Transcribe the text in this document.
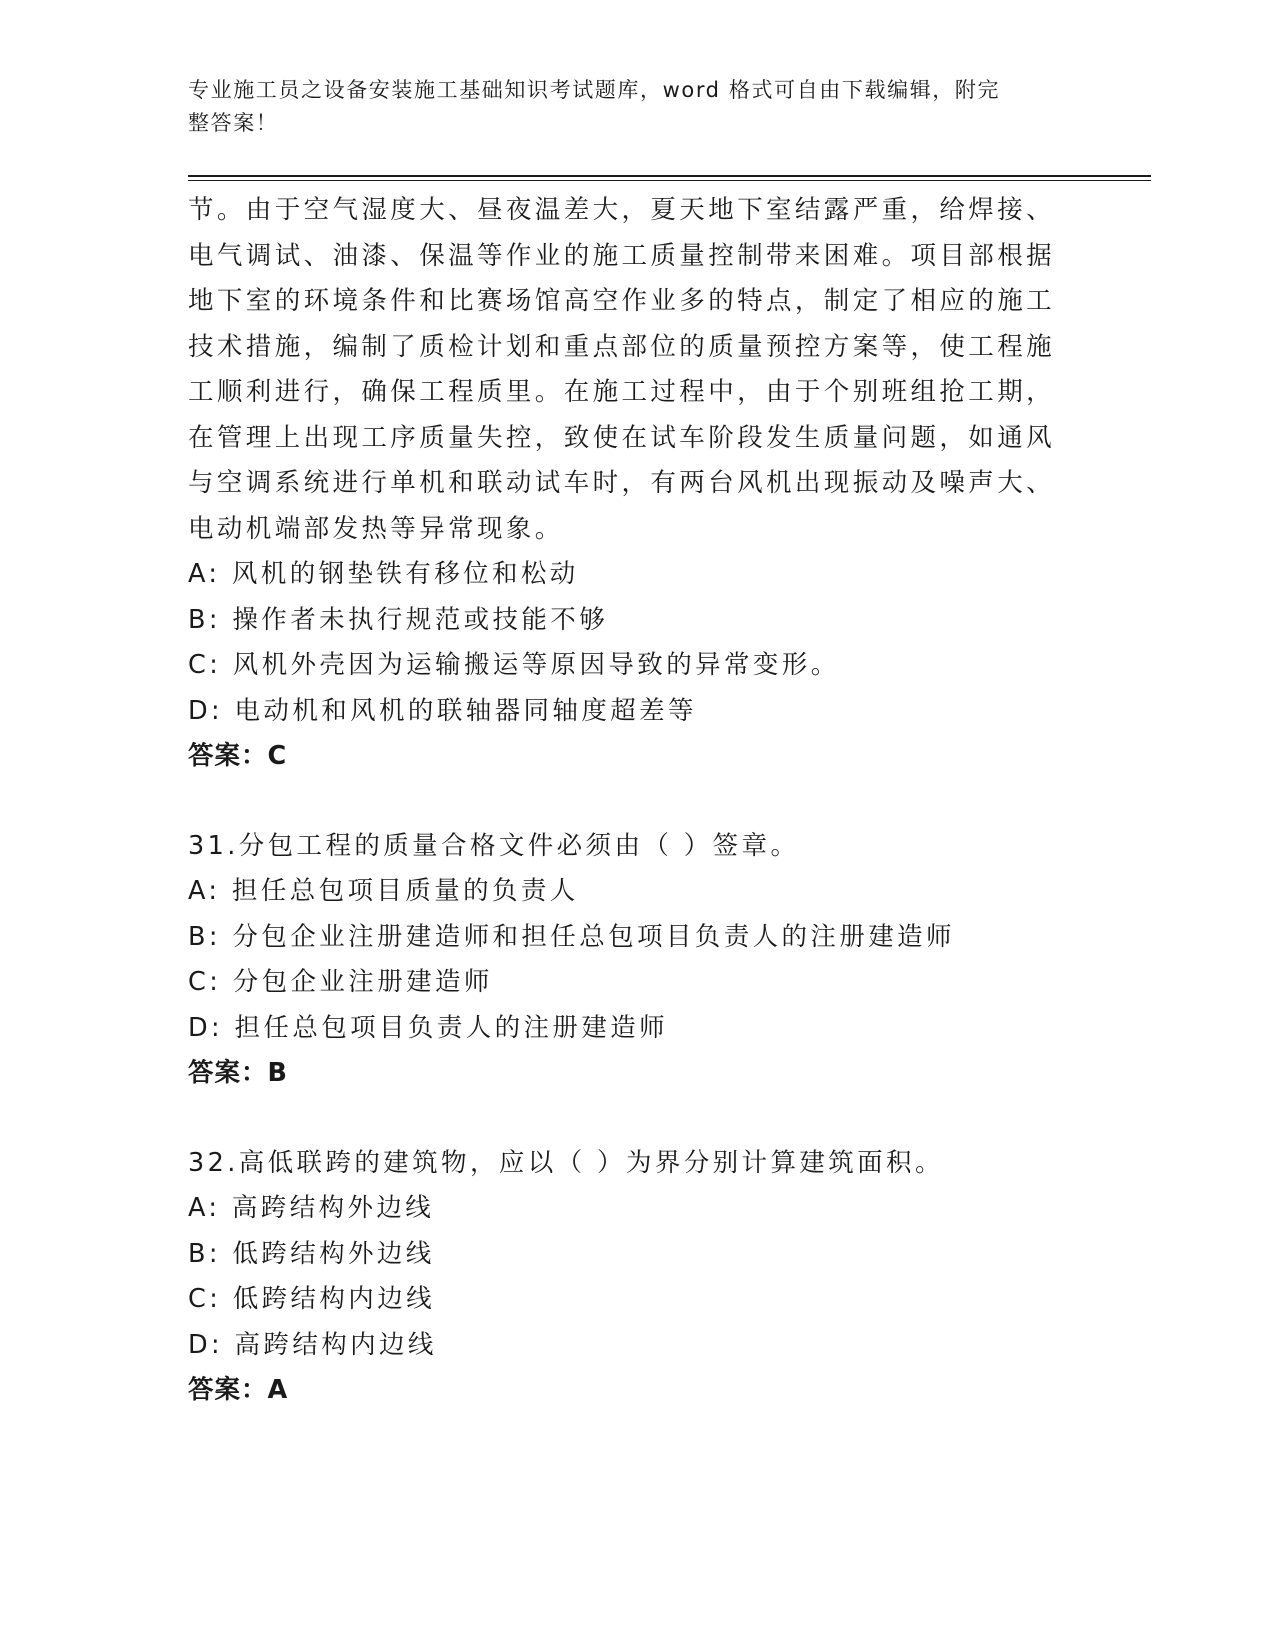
专业施工员之设备安装施工基础知识考试题库，word 格式可自由下载编辑，附完
整答案！
节。由于空气湿度大、昼夜温差大，夏天地下室结露严重，给焊接、
电气调试、油漆、保温等作业的施工质量控制带来困难。项目部根据
地下室的环境条件和比赛场馆高空作业多的特点，制定了相应的施工
技术措施，编制了质检计划和重点部位的质量预控方案等，使工程施
工顺利进行，确保工程质里。在施工过程中，由于个别班组抢工期，
在管理上出现工序质量失控，致使在试车阶段发生质量问题，如通风
与空调系统进行单机和联动试车时，有两台风机出现振动及噪声大、
电动机端部发热等异常现象。
A: 风机的钢垫铁有移位和松动
B: 操作者未执行规范或技能不够
C: 风机外壳因为运输搬运等原因导致的异常变形。
D: 电动机和风机的联轴器同轴度超差等
答案：C
31.分包工程的质量合格文件必须由（ ）签章。
A: 担任总包项目质量的负责人
B: 分包企业注册建造师和担任总包项目负责人的注册建造师
C: 分包企业注册建造师
D: 担任总包项目负责人的注册建造师
答案：B
32.高低联跨的建筑物，应以（ ）为界分别计算建筑面积。
A: 高跨结构外边线
B: 低跨结构外边线
C: 低跨结构内边线
D: 高跨结构内边线
答案：A
